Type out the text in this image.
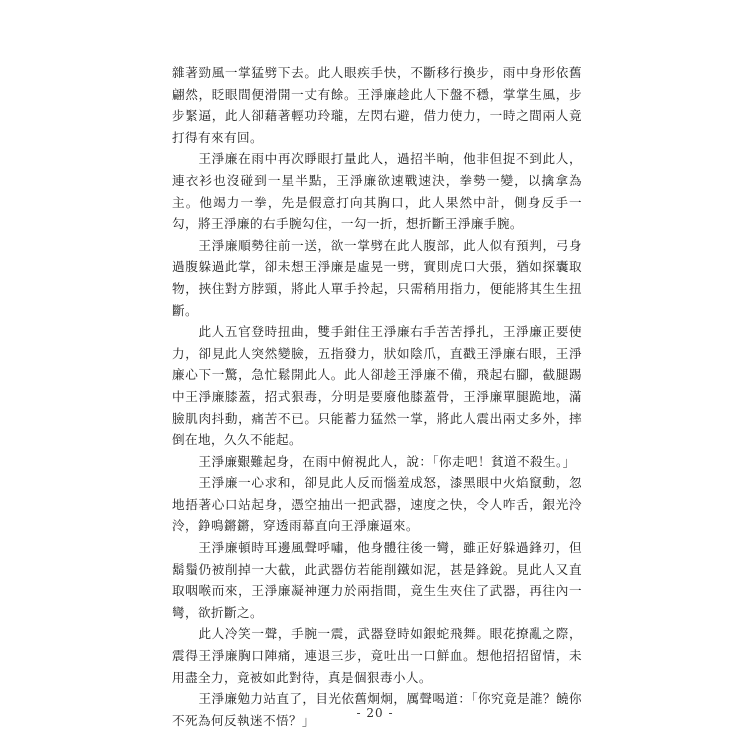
雜著勁風一掌猛劈下去。此人眼疾手快，不斷移行換步，雨中身形依舊翩然，眨眼間便滑開一丈有餘。王淨廉趁此人下盤不穩，掌掌生風，步步緊逼，此人卻藉著輕功玲瓏，左閃右避，借力使力，一時之間兩人竟打得有來有回。

王淨廉在雨中再次睜眼打量此人，過招半晌，他非但捉不到此人，連衣衫也沒碰到一星半點，王淨廉欲速戰速決，拳勢一變，以擒拿為主。他竭力一拳，先是假意打向其胸口，此人果然中計，側身反手一勾，將王淨廉的右手腕勾住，一勾一折，想折斷王淨廉手腕。

王淨廉順勢往前一送，欲一掌劈在此人腹部，此人似有預判，弓身過腹躲過此掌，卻未想王淨廉是虛晃一劈，實則虎口大張，猶如探囊取物，挾住對方脖頸，將此人單手拎起，只需稍用指力，便能將其生生扭斷。

此人五官登時扭曲，雙手鉗住王淨廉右手苦苦掙扎，王淨廉正要使力，卻見此人突然變臉，五指發力，狀如陰爪，直戳王淨廉右眼，王淨廉心下一驚，急忙鬆開此人。此人卻趁王淨廉不備，飛起右腳，截腿踢中王淨廉膝蓋，招式狠毒，分明是要廢他膝蓋骨，王淨廉單腿跪地，滿臉肌肉抖動，痛苦不已。只能蓄力猛然一掌，將此人震出兩丈多外，摔倒在地，久久不能起。

王淨廉艱難起身，在雨中俯視此人，說：「你走吧！貧道不殺生。」

王淨廉一心求和，卻見此人反而惱羞成怒，漆黑眼中火焰竄動，忽地捂著心口站起身，憑空抽出一把武器，速度之快，令人咋舌，銀光泠泠，錚鳴鏘鏘，穿透雨幕直向王淨廉逼來。

王淨廉頓時耳邊風聲呼嘯，他身體往後一彎，雖正好躲過鋒刃，但鬍鬚仍被削掉一大截，此武器仿若能削鐵如泥，甚是鋒銳。見此人又直取咽喉而來，王淨廉凝神運力於兩指間，竟生生夾住了武器，再往內一彎，欲折斷之。

此人冷笑一聲，手腕一震，武器登時如銀蛇飛舞。眼花撩亂之際，震得王淨廉胸口陣痛，連退三步，竟吐出一口鮮血。想他招招留情，未用盡全力，竟被如此對待，真是個狠毒小人。

王淨廉勉力站直了，目光依舊炯炯，厲聲喝道：「你究竟是誰？饒你不死為何反執迷不悟？」	- 20 -
